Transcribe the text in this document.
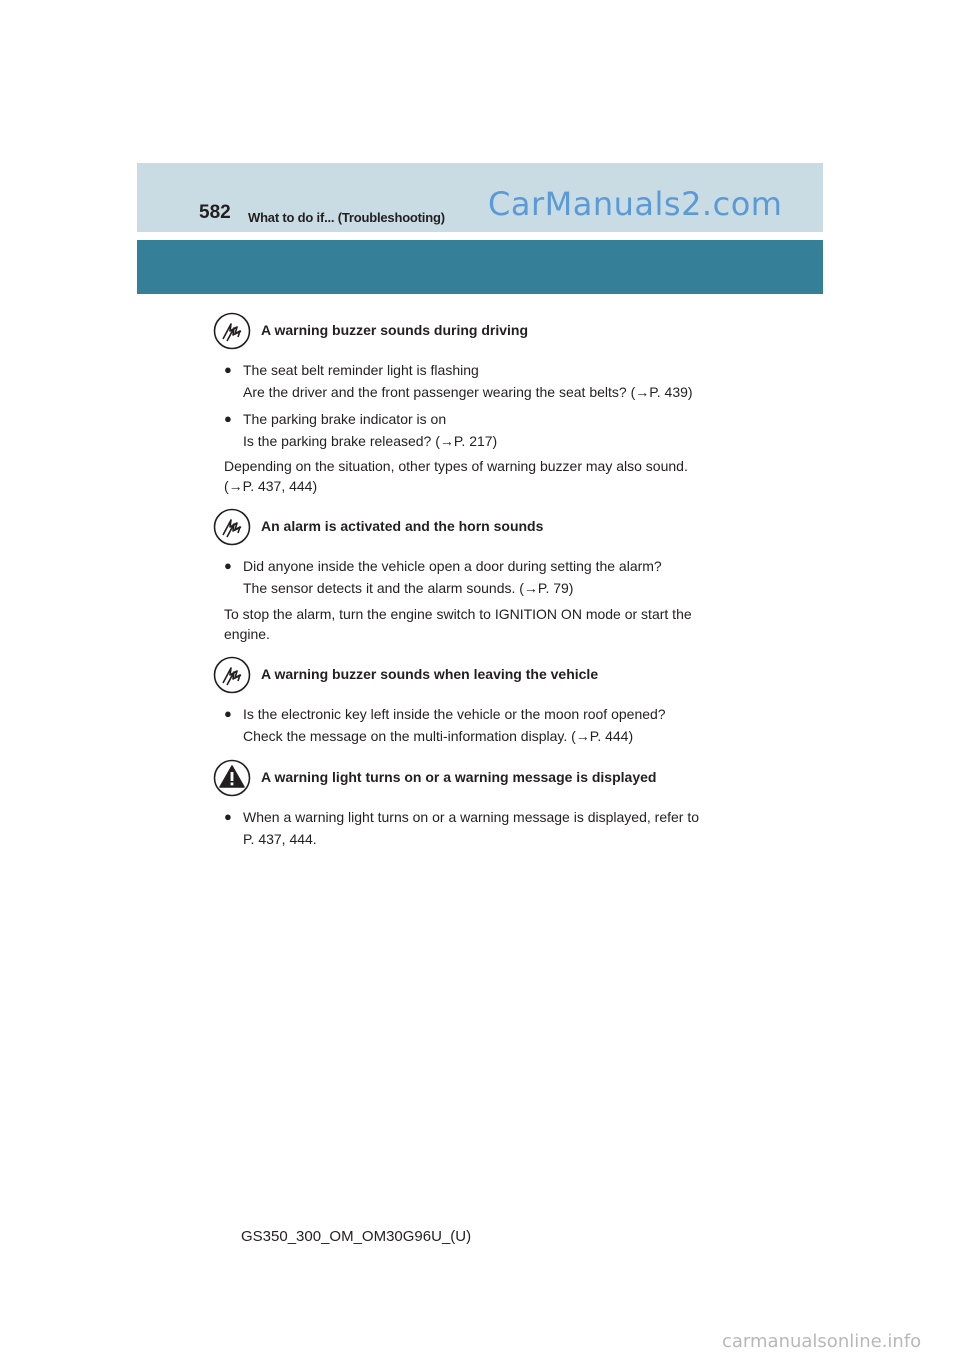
582 What to do if... (Troubleshooting) CarManuals2.com
A warning buzzer sounds during driving
● The seat belt reminder light is flashing
Are the driver and the front passenger wearing the seat belts? (→P. 439)
● The parking brake indicator is on
Is the parking brake released? (→P. 217)
Depending on the situation, other types of warning buzzer may also sound.
(→P. 437, 444)
An alarm is activated and the horn sounds
● Did anyone inside the vehicle open a door during setting the alarm?
The sensor detects it and the alarm sounds. (→P. 79)
To stop the alarm, turn the engine switch to IGNITION ON mode or start the
engine.
A warning buzzer sounds when leaving the vehicle
● Is the electronic key left inside the vehicle or the moon roof opened?
Check the message on the multi-information display. (→P. 444)
A warning light turns on or a warning message is displayed
● When a warning light turns on or a warning message is displayed, refer to
P. 437, 444.
GS350_300_OM_OM30G96U_(U)
carmanualsonline.info
